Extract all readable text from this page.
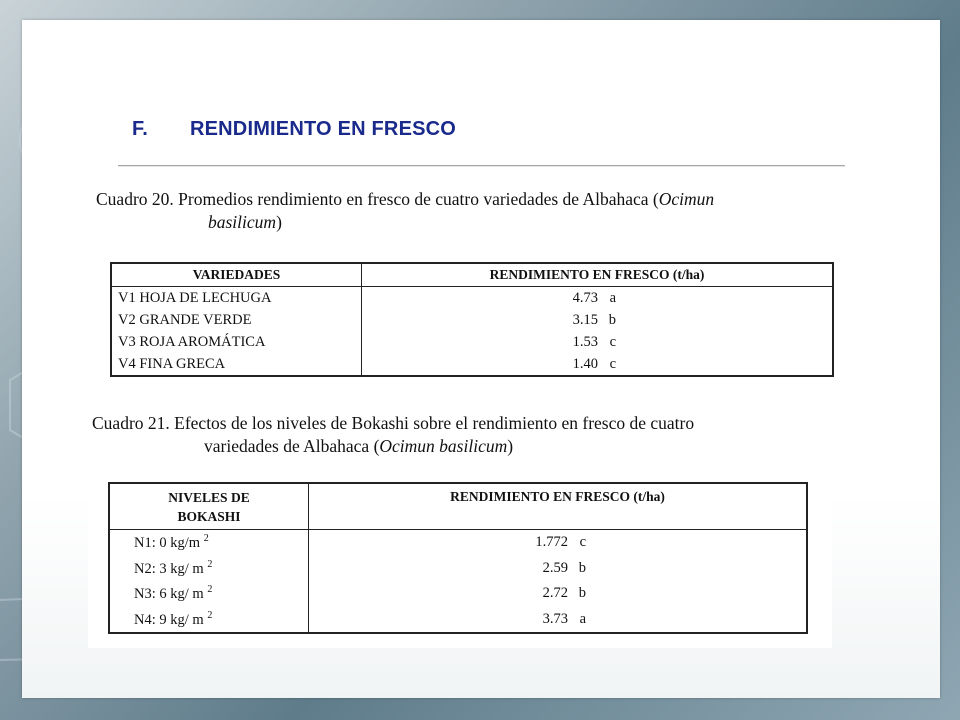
F. RENDIMIENTO EN FRESCO
Cuadro 20. Promedios rendimiento en fresco de cuatro variedades de Albahaca (Ocimun
basilicum)
VARIEDADES	RENDIMIENTO EN FRESCO (t/ha)
V1 HOJA DE LECHUGA	4.73 a
V2 GRANDE VERDE	3.15 b
V3 ROJA AROMÁTICA	1.53 c
V4 FINA GRECA	1.40 c
Cuadro 21. Efectos de los niveles de Bokashi sobre el rendimiento en fresco de cuatro
variedades de Albahaca (Ocimun basilicum)
NIVELES DE
BOKASHI	RENDIMIENTO EN FRESCO (t/ha)
N1: 0 kg/m $^2$	1.772 c
N2: 3 kg/ m $^2$	2.59 b
N3: 6 kg/ m $^2$	2.72 b
N4: 9 kg/ m $^2$	3.73 a
